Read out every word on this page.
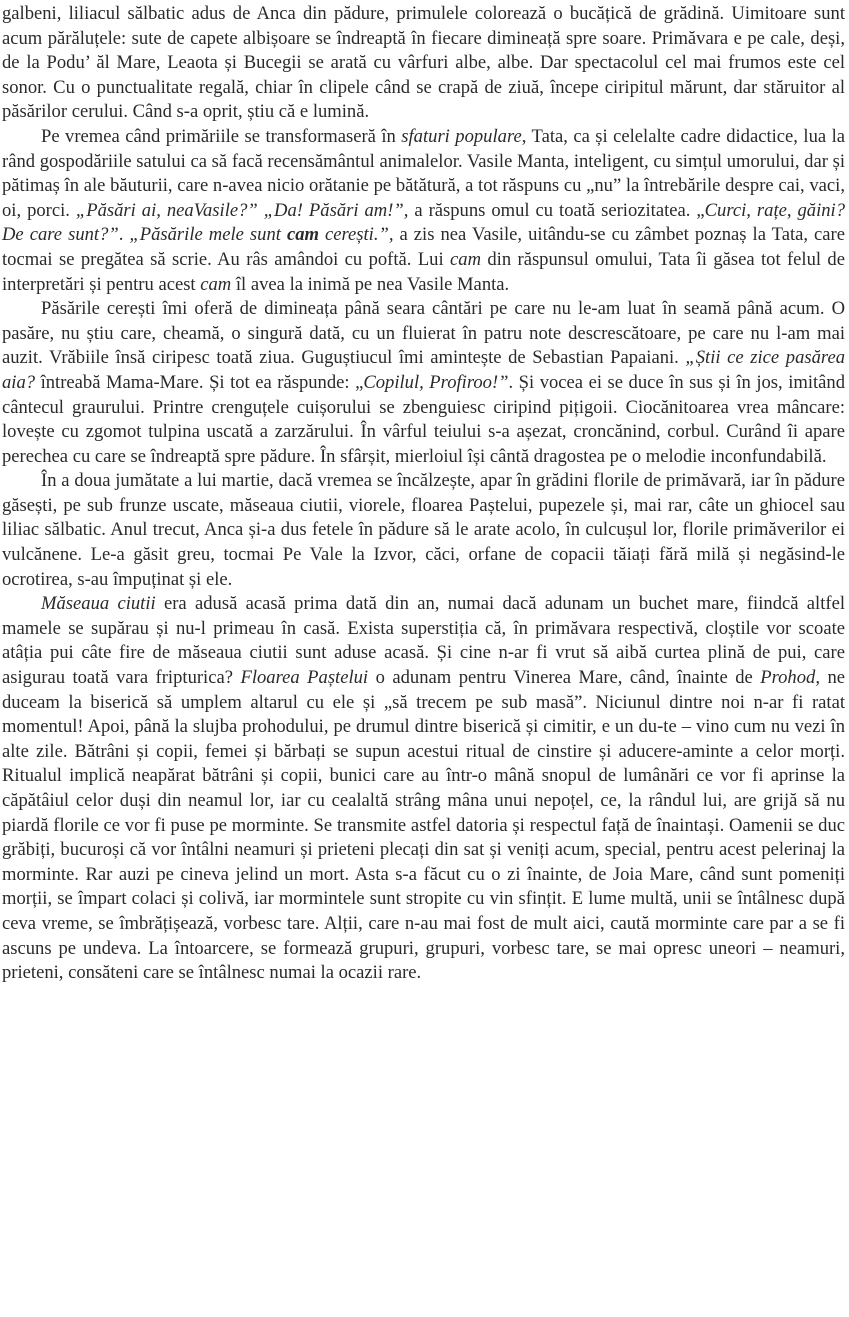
galbeni, liliacul sălbatic adus de Anca din pădure, primulele colorează o bucățică de grădină. Uimitoare sunt acum părăluțele: sute de capete albișoare se îndreaptă în fiecare dimineață spre soare. Primăvara e pe cale, deși, de la Podu’ ăl Mare, Leaota și Bucegii se arată cu vârfuri albe, albe. Dar spectacolul cel mai frumos este cel sonor. Cu o punctualitate regală, chiar în clipele când se crapă de ziuă, începe ciripitul mărunt, dar stăruitor al păsărilor cerului. Când s-a oprit, știu că e lumină.

Pe vremea când primăriile se transformaseră în sfaturi populare, Tata, ca și celelalte cadre didactice, lua la rând gospodăriile satului ca să facă recensământul animalelor. Vasile Manta, inteligent, cu simțul umorului, dar și pătimaș în ale băuturii, care n-avea nicio orătanie pe bătătură, a tot răspuns cu „nu” la întrebările despre cai, vaci, oi, porci. „Păsări ai, neaVasile?” „Da! Păsări am!”, a răspuns omul cu toată seriozitatea. „Curci, rațe, găini? De care sunt?”. „Păsările mele sunt cam cerești.”, a zis nea Vasile, uitându-se cu zâmbet poznaș la Tata, care tocmai se pregătea să scrie. Au râs amândoi cu poftă. Lui cam din răspunsul omului, Tata îi găsea tot felul de interpretări și pentru acest cam îl avea la inimă pe nea Vasile Manta.

Păsările cerești îmi oferă de dimineața până seara cântări pe care nu le-am luat în seamă până acum. O pasăre, nu știu care, cheamă, o singură dată, cu un fluierat în patru note descrescătoare, pe care nu l-am mai auzit. Vrăbiile însă ciripesc toată ziua. Guguștiucul îmi amintește de Sebastian Papaiani. „Știi ce zice pasărea aia? întreabă Mama-Mare. Și tot ea răspunde: „Copilul, Profiroo!”. Și vocea ei se duce în sus și în jos, imitând cântecul graurului. Printre crenguțele cuișorului se zbenguiesc ciripind pițigoii. Ciocănitoarea vrea mâncare: lovește cu zgomot tulpina uscată a zarzărului. În vârful teiului s-a așezat, croncănind, corbul. Curând îi apare perechea cu care se îndreaptă spre pădure. În sfârșit, mierloiul își cântă dragostea pe o melodie inconfundabilă.

În a doua jumătate a lui martie, dacă vremea se încălzește, apar în grădini florile de primăvară, iar în pădure găsești, pe sub frunze uscate, măseaua ciutii, viorele, floarea Paștelui, pupezele și, mai rar, câte un ghiocel sau liliac sălbatic. Anul trecut, Anca și-a dus fetele în pădure să le arate acolo, în culcușul lor, florile primăverilor ei vulcănene. Le-a găsit greu, tocmai Pe Vale la Izvor, căci, orfane de copacii tăiați fără milă și negăsind-le ocrotirea, s-au împuținat și ele.

Măseaua ciutii era adusă acasă prima dată din an, numai dacă adunam un buchet mare, fiindcă altfel mamele se supărau și nu-l primeau în casă. Exista superstiția că, în primăvara respectivă, cloștile vor scoate atâția pui câte fire de măseaua ciutii sunt aduse acasă. Și cine n-ar fi vrut să aibă curtea plină de pui, care asigurau toată vara fripturica? Floarea Paștelui o adunam pentru Vinerea Mare, când, înainte de Prohod, ne duceam la biserică să umplem altarul cu ele și „să trecem pe sub masă”. Niciunul dintre noi n-ar fi ratat momentul! Apoi, până la slujba prohodului, pe drumul dintre biserică și cimitir, e un du-te – vino cum nu vezi în alte zile. Bătrâni și copii, femei și bărbați se supun acestui ritual de cinstire și aducere-aminte a celor morți. Ritualul implică neapărat bătrâni și copii, bunici care au într-o mână snopul de lumânări ce vor fi aprinse la căpătâiul celor duși din neamul lor, iar cu cealaltă strâng mâna unui nepoțel, ce, la rândul lui, are grijă să nu piardă florile ce vor fi puse pe morminte. Se transmite astfel datoria și respectul față de înaintași. Oamenii se duc grăbiți, bucuroși că vor întâlni neamuri și prieteni plecați din sat și veniți acum, special, pentru acest pelerinaj la morminte. Rar auzi pe cineva jelind un mort. Asta s-a făcut cu o zi înainte, de Joia Mare, când sunt pomeniți morții, se împart colaci și colivă, iar mormintele sunt stropite cu vin sfințit. E lume multă, unii se întâlnesc după ceva vreme, se îmbrățișează, vorbesc tare. Alții, care n-au mai fost de mult aici, caută morminte care par a se fi ascuns pe undeva. La întoarcere, se formează grupuri, grupuri, vorbesc tare, se mai opresc uneori – neamuri, prieteni, consăteni care se întâlnesc numai la ocazii rare.
